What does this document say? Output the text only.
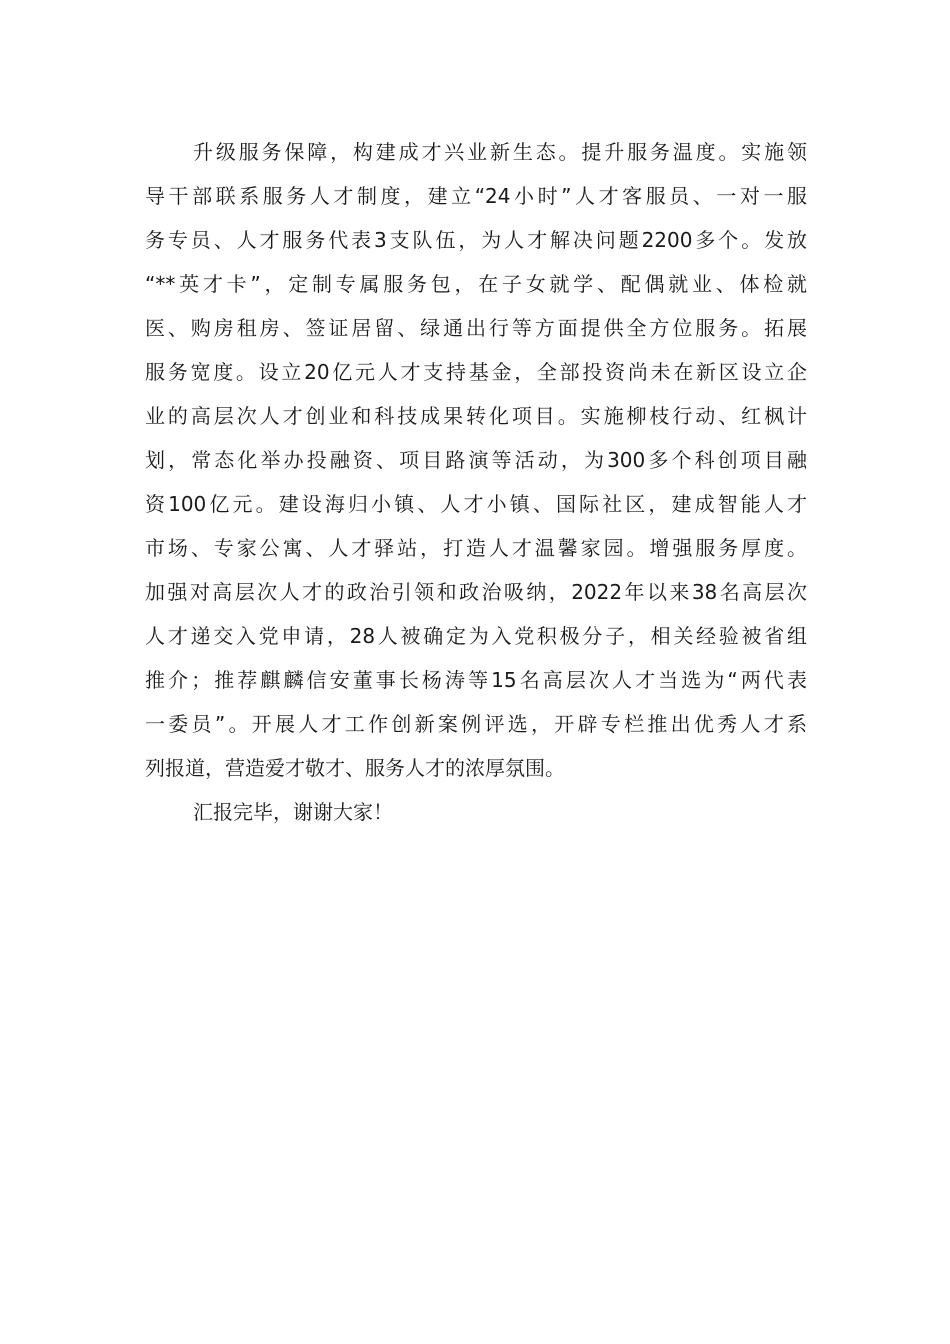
升级服务保障，构建成才兴业新生态。提升服务温度。实施领
导干部联系服务人才制度，建立“24小时”人才客服员、一对一服
务专员、人才服务代表3支队伍，为人才解决问题2200多个。发放
“**英才卡”，定制专属服务包，在子女就学、配偶就业、体检就
医、购房租房、签证居留、绿通出行等方面提供全方位服务。拓展
服务宽度。设立20亿元人才支持基金，全部投资尚未在新区设立企
业的高层次人才创业和科技成果转化项目。实施柳枝行动、红枫计
划，常态化举办投融资、项目路演等活动，为300多个科创项目融
资100亿元。建设海归小镇、人才小镇、国际社区，建成智能人才
市场、专家公寓、人才驿站，打造人才温馨家园。增强服务厚度。
加强对高层次人才的政治引领和政治吸纳，2022年以来38名高层次
人才递交入党申请，28人被确定为入党积极分子，相关经验被省组
推介；推荐麒麟信安董事长杨涛等15名高层次人才当选为“两代表
一委员”。开展人才工作创新案例评选，开辟专栏推出优秀人才系
列报道，营造爱才敬才、服务人才的浓厚氛围。
汇报完毕，谢谢大家！
